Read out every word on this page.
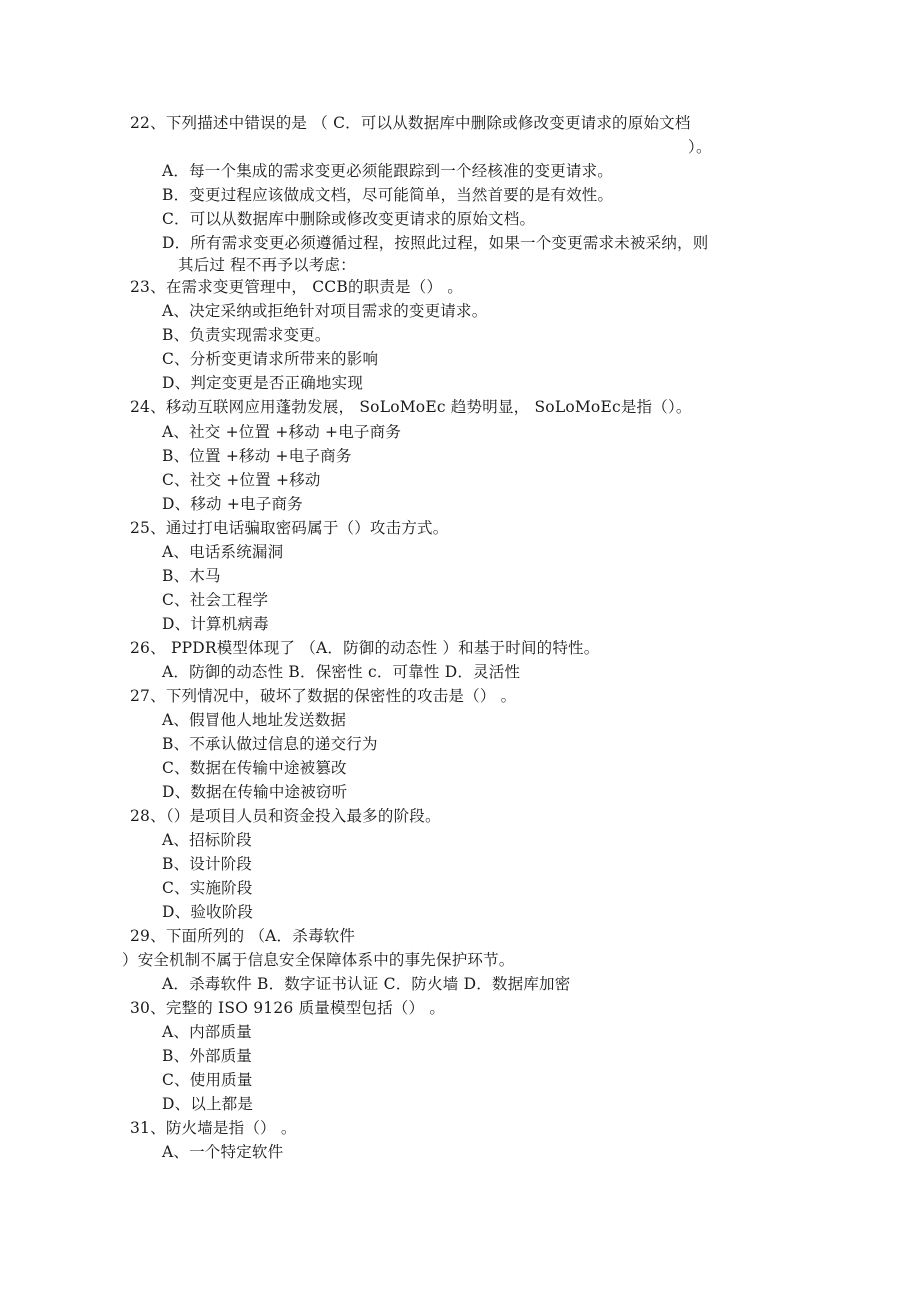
22、下列描述中错误的是 （ C．可以从数据库中删除或修改变更请求的原始文档
）。
A．每一个集成的需求变更必须能跟踪到一个经核准的变更请求。
B．变更过程应该做成文档，尽可能简单，当然首要的是有效性。
C．可以从数据库中删除或修改变更请求的原始文档。
D．所有需求变更必须遵循过程，按照此过程，如果一个变更需求未被采纳，则
其后过 程不再予以考虑：
23、在需求变更管理中， CCB的职责是（） 。
A、决定采纳或拒绝针对项目需求的变更请求。
B、负责实现需求变更。
C、分析变更请求所带来的影响
D、判定变更是否正确地实现
24、移动互联网应用蓬勃发展， SoLoMoEc 趋势明显， SoLoMoEc是指（）。
A、社交 +位置 +移动 +电子商务
B、位置 +移动 +电子商务
C、社交 +位置 +移动
D、移动 +电子商务
25、通过打电话骗取密码属于（）攻击方式。
A、电话系统漏洞
B、木马
C、社会工程学
D、计算机病毒
26、 PPDR模型体现了 （A．防御的动态性 ）和基于时间的特性。
A．防御的动态性 B．保密性 c．可靠性 D．灵活性
27、下列情况中，破坏了数据的保密性的攻击是（） 。
A、假冒他人地址发送数据
B、不承认做过信息的递交行为
C、数据在传输中途被篡改
D、数据在传输中途被窃听
28、（）是项目人员和资金投入最多的阶段。
A、招标阶段
B、设计阶段
C、实施阶段
D、验收阶段
29、下面所列的 （A．杀毒软件
）安全机制不属于信息安全保障体系中的事先保护环节。
A．杀毒软件 B．数字证书认证 C．防火墙 D．数据库加密
30、完整的 ISO 9126 质量模型包括（） 。
A、内部质量
B、外部质量
C、使用质量
D、以上都是
31、防火墙是指（） 。
A、一个特定软件
